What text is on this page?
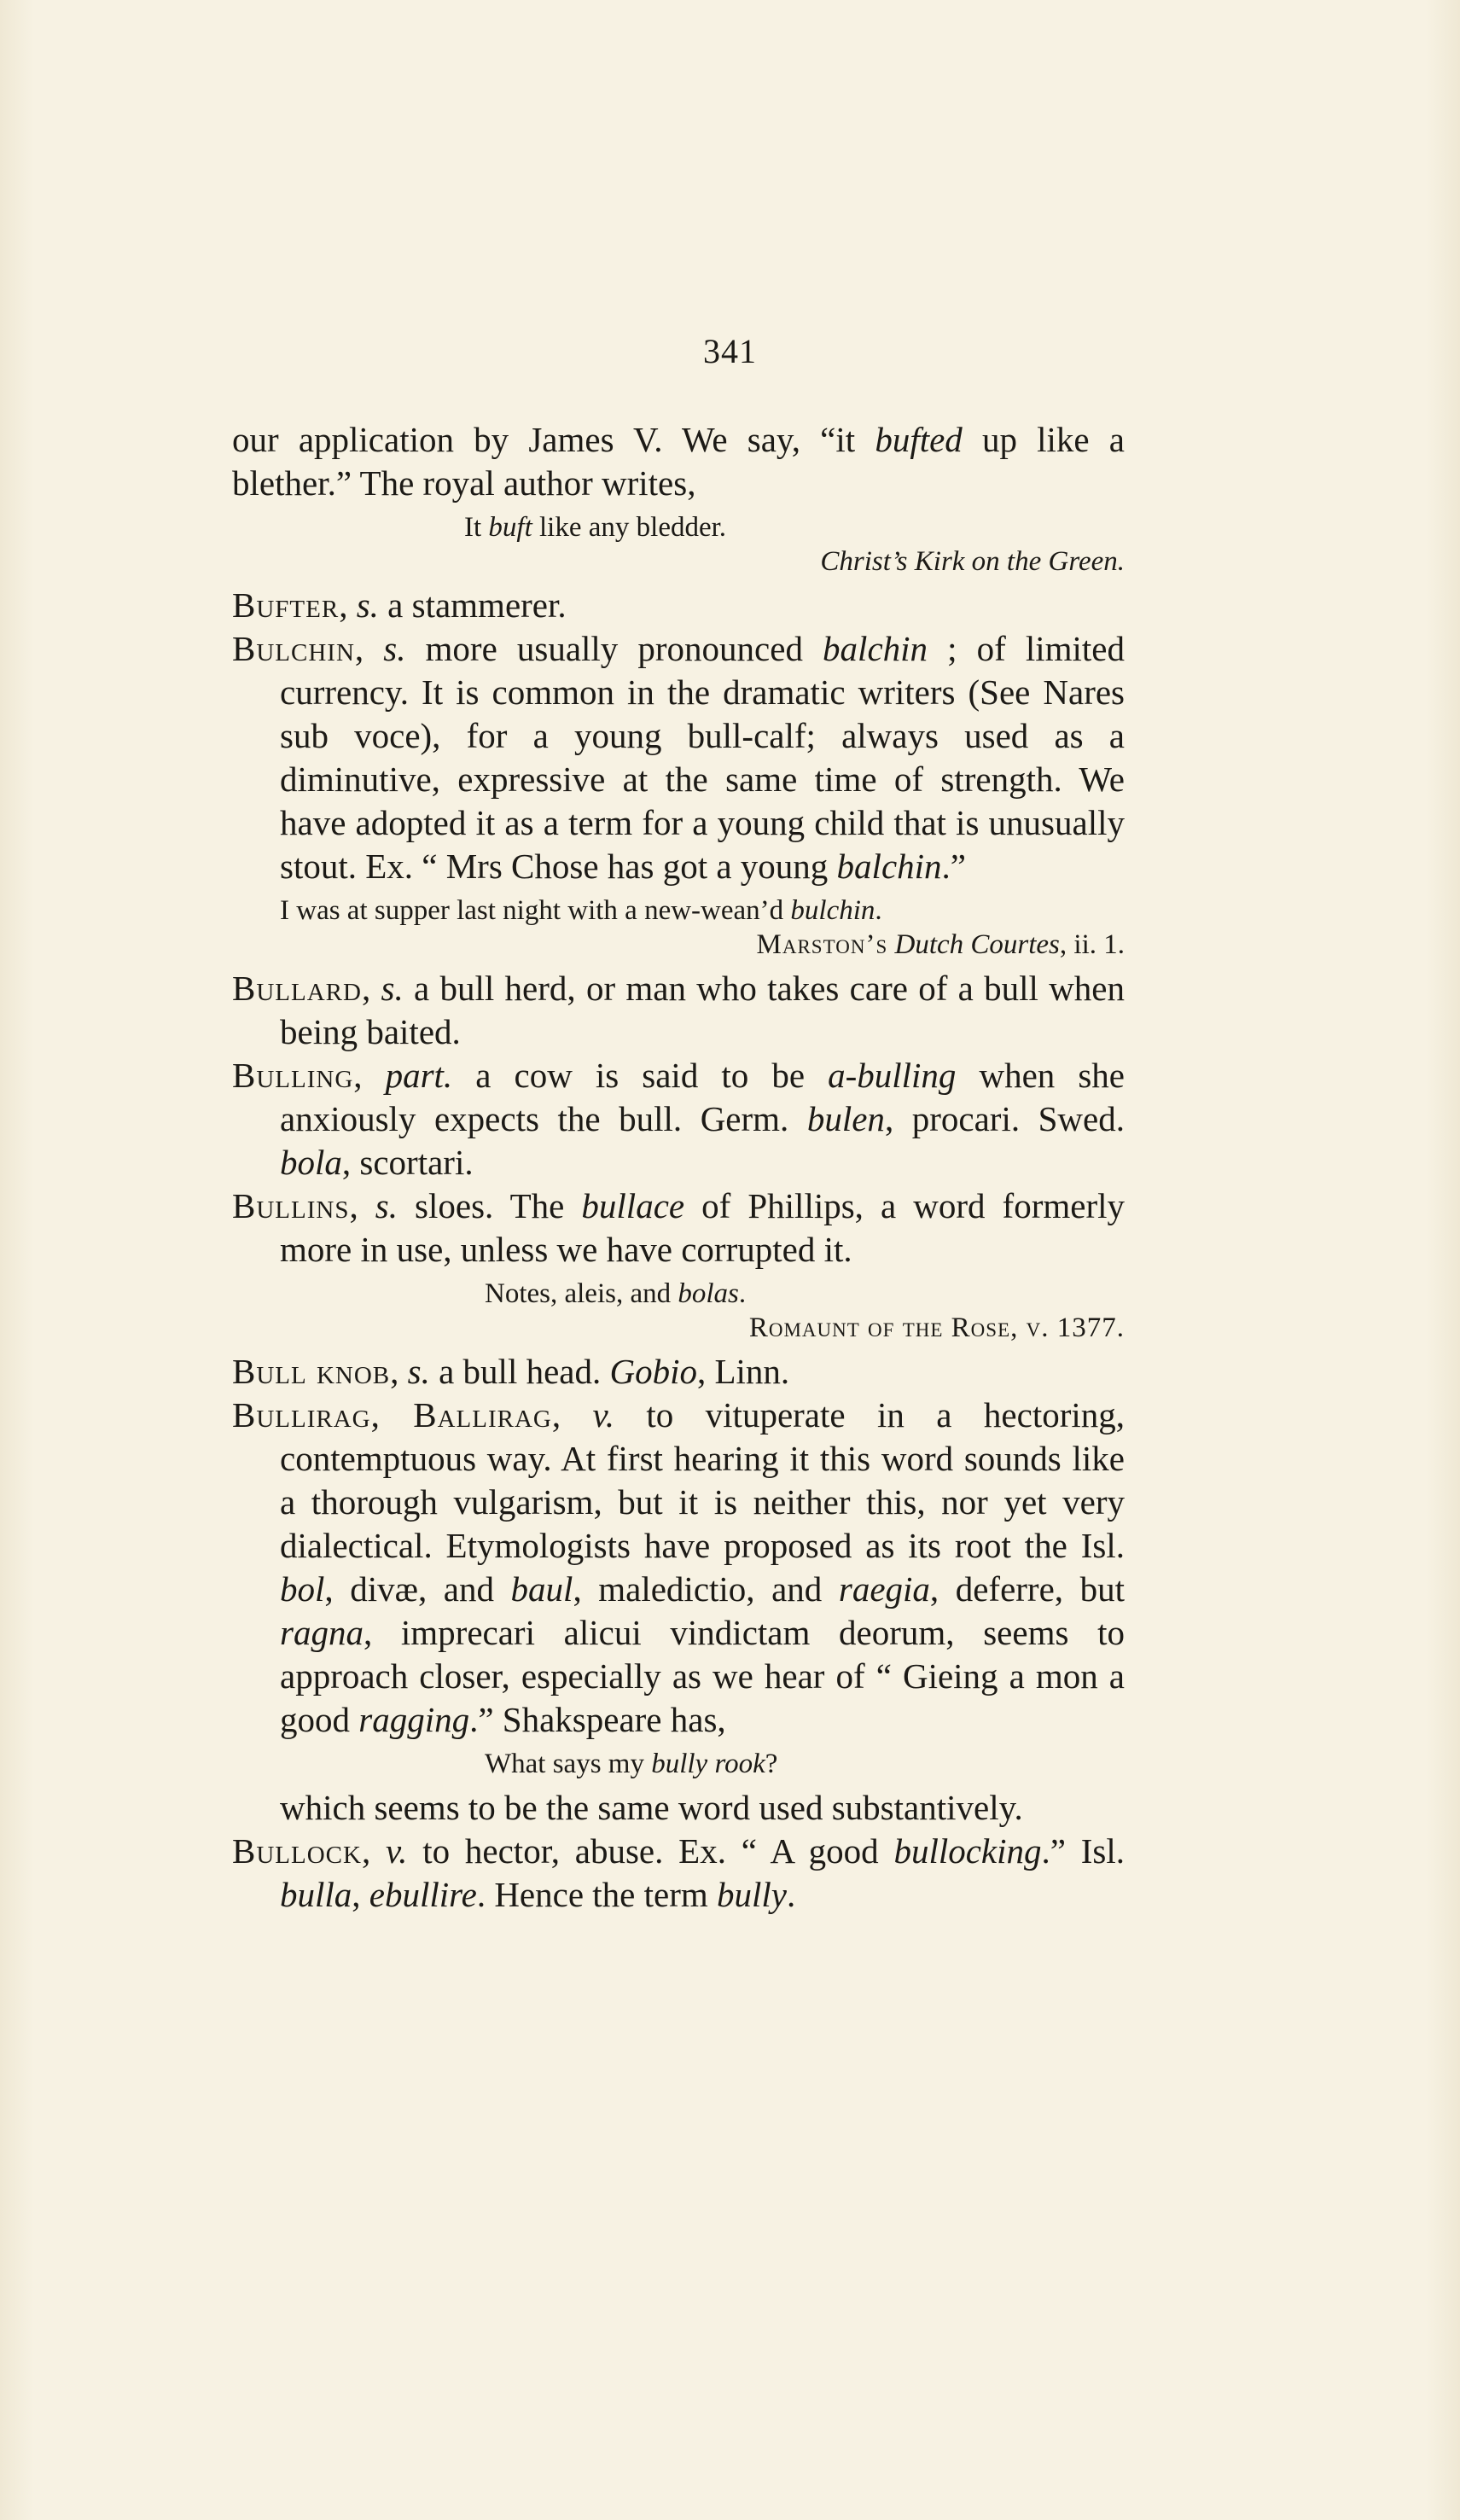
341

our application by James V. We say, “it bufted up like a blether.” The royal author writes,

It buft like any bledder.
Christ’s Kirk on the Green.

Bufter, s. a stammerer.

Bulchin, s. more usually pronounced balchin ; of limited currency. It is common in the dramatic writers (See Nares sub voce), for a young bull-calf; always used as a diminutive, expressive at the same time of strength. We have adopted it as a term for a young child that is unusually stout. Ex. “ Mrs Chose has got a young balchin.”

I was at supper last night with a new-wean’d bulchin.
Marston’s Dutch Courtes, ii. 1.

Bullard, s. a bull herd, or man who takes care of a bull when being baited.

Bulling, part. a cow is said to be a-bulling when she anxiously expects the bull. Germ. bulen, procari. Swed. bola, scortari.

Bullins, s. sloes. The bullace of Phillips, a word formerly more in use, unless we have corrupted it.

Notes, aleis, and bolas.
Romaunt of the Rose, v. 1377.

Bull knob, s. a bull head. Gobio, Linn.

Bullirag, Ballirag, v. to vituperate in a hectoring, contemptuous way. At first hearing it this word sounds like a thorough vulgarism, but it is neither this, nor yet very dialectical. Etymologists have proposed as its root the Isl. bol, divæ, and baul, maledictio, and raegia, deferre, but ragna, imprecari alicui vindictam deorum, seems to approach closer, especially as we hear of “ Gieing a mon a good ragging.” Shakspeare has,

What says my bully rook?

which seems to be the same word used substantively.

Bullock, v. to hector, abuse. Ex. “ A good bullocking.” Isl. bulla, ebullire. Hence the term bully.
